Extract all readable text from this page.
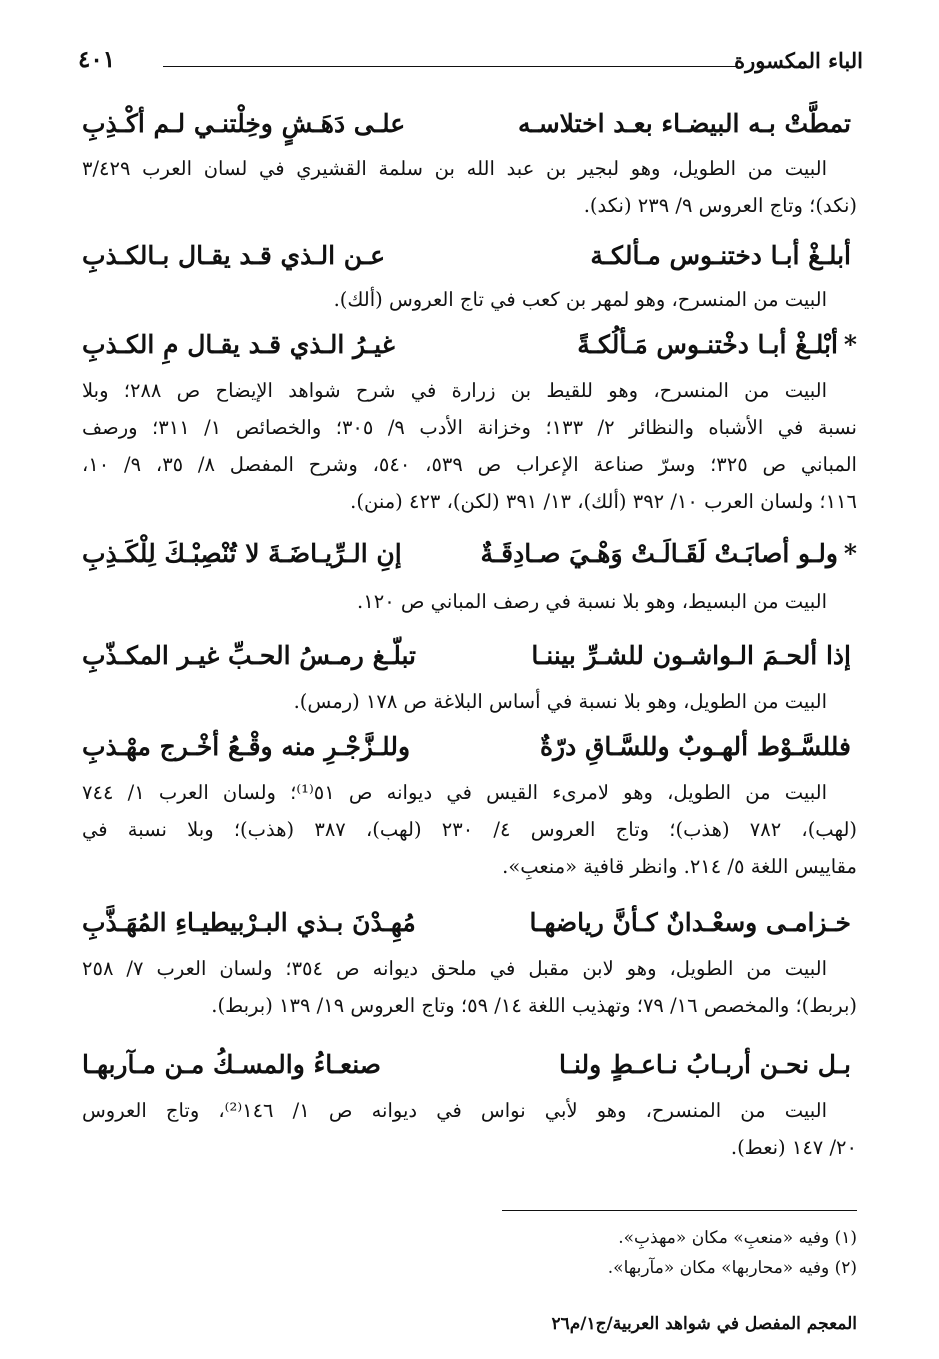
الباء المكسورة
٤٠١
تمطَّتْ بـه البيضـاء بعـد اختلاسـه
علـى دَهَـشٍ وخِلْتنـي لـم أكْـذِبِ
البيت من الطويل، وهو لبجير بن عبد الله بن سلمة القشيري في لسان العرب ٣/٤٢٩
(نكد)؛ وتاج العروس ٩/ ٢٣٩ (نكد).
أبلـغْ أبـا دختنـوس مـألكـة
عـن الـذي قـد يقـال بـالكـذبِ
البيت من المنسرح، وهو لمهر بن كعب في تاج العروس (ألك).
*أبْلـغْ أبـا دخْتنـوس مَـألُكـةً
غيـرُ الـذي قـد يقـال مِ الكـذبِ
البيت من المنسرح، وهو للقيط بن زرارة في شرح شواهد الإيضاح ص ٢٨٨؛ وبلا
نسبة في الأشباه والنظائر ٢/ ١٣٣؛ وخزانة الأدب ٩/ ٣٠٥؛ والخصائص ١/ ٣١١؛ ورصف
المباني ص ٣٢٥؛ وسرّ صناعة الإعراب ص ٥٣٩، ٥٤٠، وشرح المفصل ٨/ ٣٥، ٩/ ١٠،
١١٦؛ ولسان العرب ١٠/ ٣٩٢ (ألك)، ١٣/ ٣٩١ (لكن)، ٤٢٣ (منن).
*ولـو أصابَـتْ لَقَـالَـتْ وَهْـيَ صـادِقَـةٌ
إنِ الـرِّيـاضَـةَ لا تُنْصِبْـكَ لِلْكَـذِبِ
البيت من البسيط، وهو بلا نسبة في رصف المباني ص ١٢٠.
إذا ألحـمَ الـواشـون للشـرِّ بيننـا
تبلّـغ رمـسُ الحـبِّ غيـر المكـذّبِ
البيت من الطويل، وهو بلا نسبة في أساس البلاغة ص ١٧٨ (رمس).
فللسَّـوْط ألهـوبٌ وللسَّـاقِ درّةٌ
وللـزَّجْـرِ منه وقْـعُ أخْـرج مهْـذبِ
البيت من الطويل، وهو لامرىء القيس في ديوانه ص ٥١⁽¹⁾؛ ولسان العرب ١/ ٧٤٤
(لهب)، ٧٨٢ (هذب)؛ وتاج العروس ٤/ ٢٣٠ (لهب)، ٣٨٧ (هذب)؛ وبلا نسبة في
مقاييس اللغة ٥/ ٢١٤. وانظر قافية «منعبِ».
خـزامـى وسعْـدانٌ كـأنَّ رياضهـا
مُهِـدْنَ بـذي البـرْبيطيـاءِ المُهَـذَّبِ
البيت من الطويل، وهو لابن مقبل في ملحق ديوانه ص ٣٥٤؛ ولسان العرب ٧/ ٢٥٨
(بربط)؛ والمخصص ١٦/ ٧٩؛ وتهذيب اللغة ١٤/ ٥٩؛ وتاج العروس ١٩/ ١٣٩ (بربط).
بـل نحـن أربـابُ نـاعـطٍ ولنـا
صنعـاءُ والمسـكُ مـن مـآربهـا
البيت من المنسرح، وهو لأبي نواس في ديوانه ص ١/ ١٤٦⁽²⁾، وتاج العروس
٢٠/ ١٤٧ (نعط).
(١) وفيه «منعبِ» مكان «مهذبِ».
(٢) وفيه «محاربها» مكان «مآربها».
المعجم المفصل في شواهد العربية/ج١/م٢٦
